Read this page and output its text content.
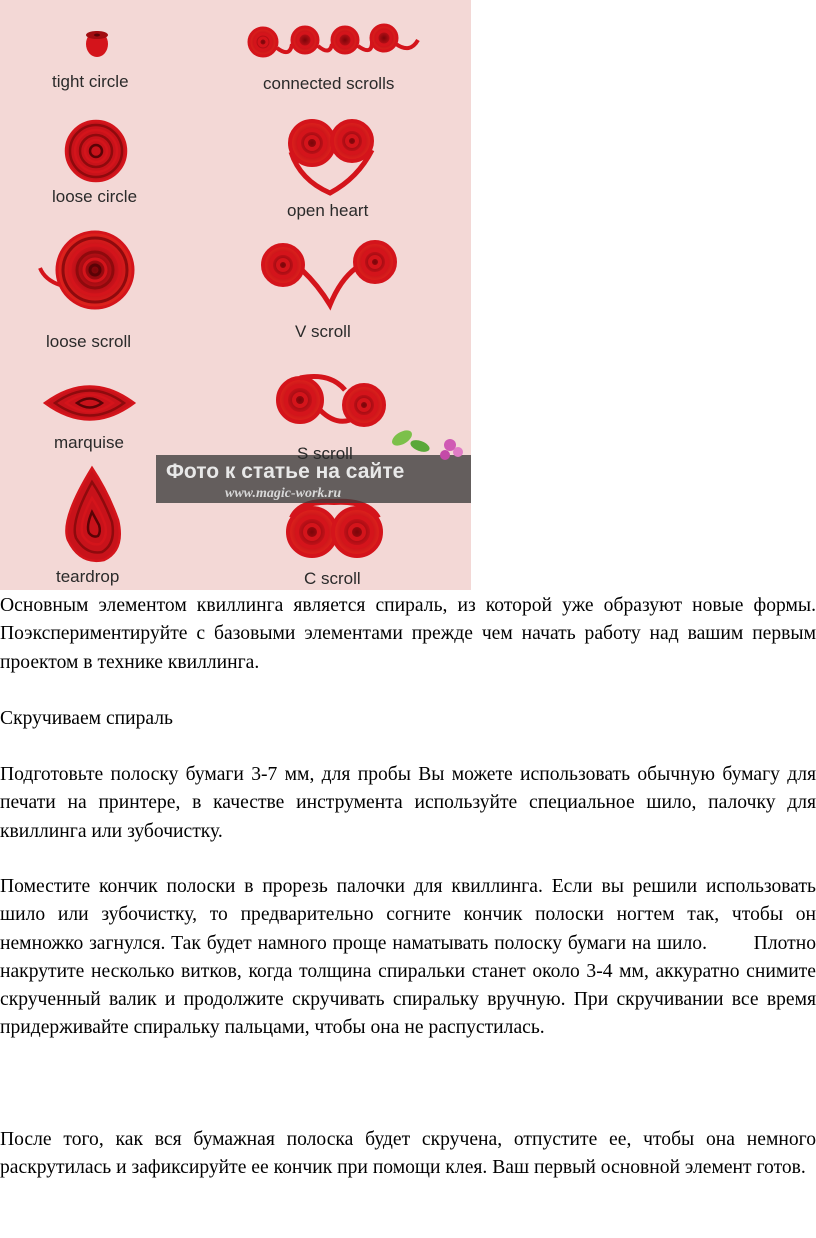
tight circle	connected scrolls
loose circle
open heart
loose scroll
V scroll
marquise
teardrop	C scroll
S scroll
Фото к статье на сайте
www.magic-work.ru

Основным элементом квиллинга является спираль, из которой уже образуют новые формы. Поэкспериментируйте с базовыми элементами прежде чем начать работу над вашим первым проектом в технике квиллинга.

Скручиваем спираль

Подготовьте полоску бумаги 3-7 мм, для пробы Вы можете использовать обычную бумагу для печати на принтере, в качестве инструмента используйте специальное шило, палочку для квиллинга или зубочистку.

Поместите кончик полоски в прорезь палочки для квиллинга. Если вы решили использовать шило или зубочистку, то предварительно согните кончик полоски ногтем так, чтобы он немножко загнулся. Так будет намного проще наматывать полоску бумаги на шило.        Плотно накрутите несколько витков, когда толщина спиральки станет около 3-4 мм, аккуратно снимите скрученный валик и продолжите скручивать спиральку вручную. При скручивании все время придерживайте спиральку пальцами, чтобы она не распустилась.

После того, как вся бумажная полоска будет скручена, отпустите ее, чтобы она немного раскрутилась и зафиксируйте ее кончик при помощи клея. Ваш первый основной элемент готов.
